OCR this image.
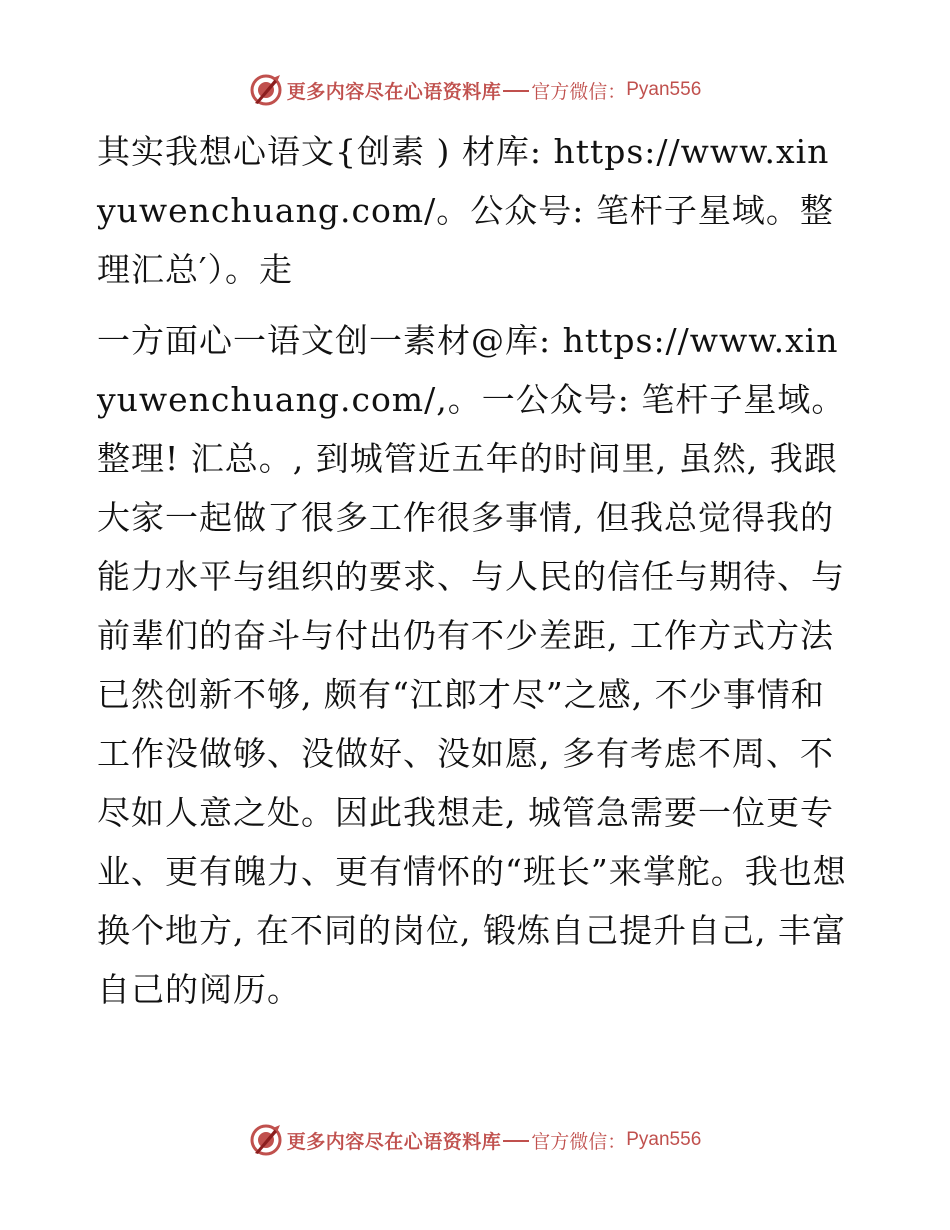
更多内容尽在心语资料库 官方微信： Pyan556

其实我想心语文{创素 ) 材库: https://www.xinyuwenchuang.com/。公众号: 笔杆子星域。整理汇总′）。走

一方面心一语文创一素材@库: https://www.xinyuwenchuang.com/,。一公众号: 笔杆子星域。整理! 汇总。, 到城管近五年的时间里, 虽然, 我跟大家一起做了很多工作很多事情, 但我总觉得我的能力水平与组织的要求、与人民的信任与期待、与前辈们的奋斗与付出仍有不少差距, 工作方式方法已然创新不够, 颇有“江郎才尽”之感, 不少事情和工作没做够、没做好、没如愿, 多有考虑不周、不尽如人意之处。因此我想走, 城管急需要一位更专业、更有魄力、更有情怀的“班长”来掌舵。我也想换个地方, 在不同的岗位, 锻炼自己提升自己, 丰富自己的阅历。

更多内容尽在心语资料库 官方微信： Pyan556
